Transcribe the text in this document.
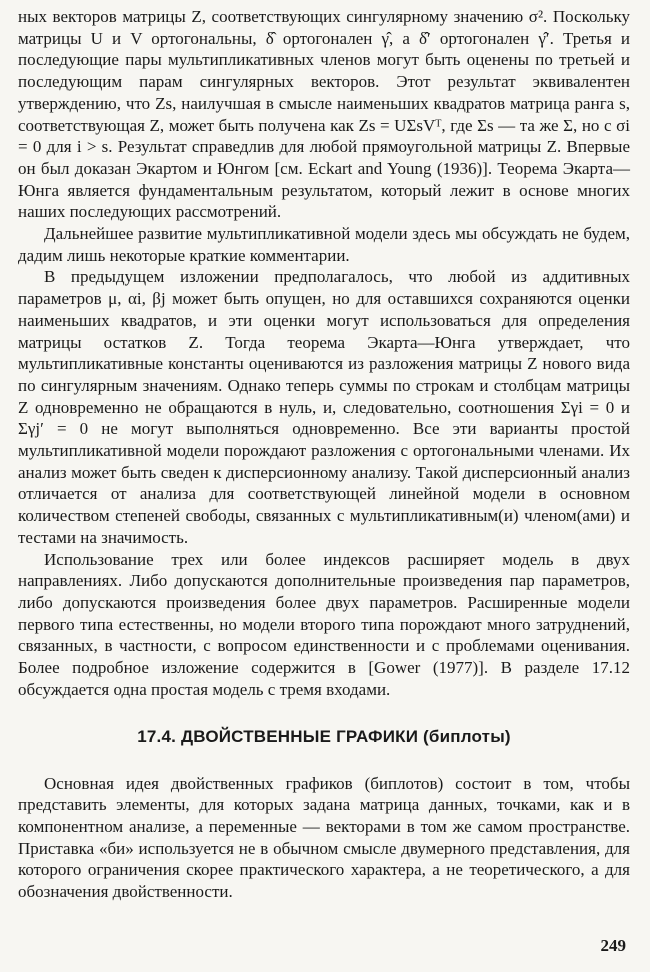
ных векторов матрицы Z, соответствующих сингулярному значению σ². Поскольку матрицы U и V ортогональны, δ̂ ортогонален γ̂, а δ̂′ ортогонален γ̂′. Третья и последующие пары мультипликативных членов могут быть оценены по третьей и последующим парам сингулярных векторов. Этот результат эквивалентен утверждению, что Zs, наилучшая в смысле наименьших квадратов матрица ранга s, соответствующая Z, может быть получена как Zs = UΣsVᵀ, где Σs — та же Σ, но с σi = 0 для i > s. Результат справедлив для любой прямоугольной матрицы Z. Впервые он был доказан Экартом и Юнгом [см. Eckart and Young (1936)]. Теорема Экарта—Юнга является фундаментальным результатом, который лежит в основе многих наших последующих рассмотрений.

Дальнейшее развитие мультипликативной модели здесь мы обсуждать не будем, дадим лишь некоторые краткие комментарии.

В предыдущем изложении предполагалось, что любой из аддитивных параметров μ, αi, βj может быть опущен, но для оставшихся сохраняются оценки наименьших квадратов, и эти оценки могут использоваться для определения матрицы остатков Z. Тогда теорема Экарта—Юнга утверждает, что мультипликативные константы оцениваются из разложения матрицы Z нового вида по сингулярным значениям. Однако теперь суммы по строкам и столбцам матрицы Z одновременно не обращаются в нуль, и, следовательно, соотношения Σγi = 0 и Σγj′ = 0 не могут выполняться одновременно. Все эти варианты простой мультипликативной модели порождают разложения с ортогональными членами. Их анализ может быть сведен к дисперсионному анализу. Такой дисперсионный анализ отличается от анализа для соответствующей линейной модели в основном количеством степеней свободы, связанных с мультипликативным(и) членом(ами) и тестами на значимость.

Использование трех или более индексов расширяет модель в двух направлениях. Либо допускаются дополнительные произведения пар параметров, либо допускаются произведения более двух параметров. Расширенные модели первого типа естественны, но модели второго типа порождают много затруднений, связанных, в частности, с вопросом единственности и с проблемами оценивания. Более подробное изложение содержится в [Gower (1977)]. В разделе 17.12 обсуждается одна простая модель с тремя входами.

17.4. ДВОЙСТВЕННЫЕ ГРАФИКИ (биплоты)

Основная идея двойственных графиков (биплотов) состоит в том, чтобы представить элементы, для которых задана матрица данных, точками, как и в компонентном анализе, а переменные — векторами в том же самом пространстве. Приставка «би» используется не в обычном смысле двумерного представления, для которого ограничения скорее практического характера, а не теоретического, а для обозначения двойственности.

249
